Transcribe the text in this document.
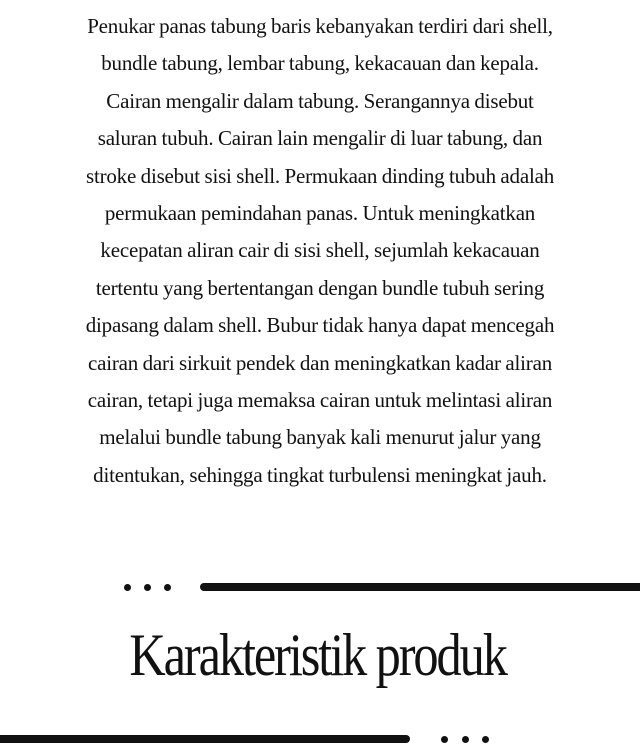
Penukar panas tabung baris kebanyakan terdiri dari shell,
bundle tabung, lembar tabung, kekacauan dan kepala.
Cairan mengalir dalam tabung. Serangannya disebut
saluran tubuh. Cairan lain mengalir di luar tabung, dan
stroke disebut sisi shell. Permukaan dinding tubuh adalah
permukaan pemindahan panas. Untuk meningkatkan
kecepatan aliran cair di sisi shell, sejumlah kekacauan
tertentu yang bertentangan dengan bundle tubuh sering
dipasang dalam shell. Bubur tidak hanya dapat mencegah
cairan dari sirkuit pendek dan meningkatkan kadar aliran
cairan, tetapi juga memaksa cairan untuk melintasi aliran
melalui bundle tabung banyak kali menurut jalur yang
ditentukan, sehingga tingkat turbulensi meningkat jauh.

Karakteristik produk
